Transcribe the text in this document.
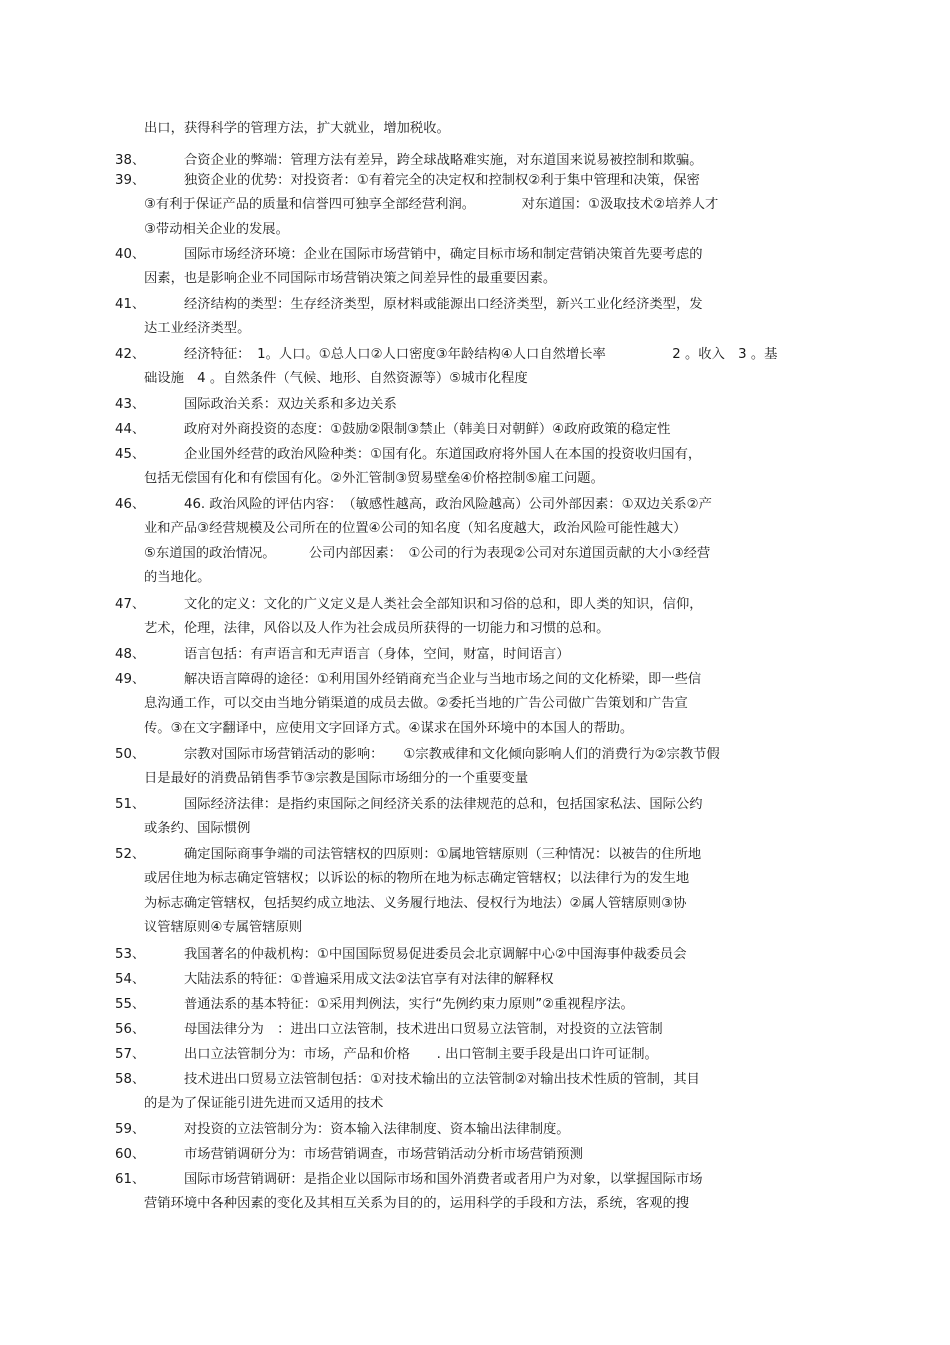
出口，获得科学的管理方法，扩大就业，增加税收。
38、	合资企业的弊端：管理方法有差异，跨全球战略难实施，对东道国来说易被控制和欺骗。
39、	独资企业的优势：对投资者：①有着完全的决定权和控制权②利于集中管理和决策，保密
③有利于保证产品的质量和信誉四可独享全部经营利润。　　　　对东道国：①汲取技术②培养人才
③带动相关企业的发展。
40、	国际市场经济环境：企业在国际市场营销中，确定目标市场和制定营销决策首先要考虑的
因素，也是影响企业不同国际市场营销决策之间差异性的最重要因素。
41、	经济结构的类型：生存经济类型，原材料或能源出口经济类型，新兴工业化经济类型，发
达工业经济类型。
42、	经济特征：　1。人口。①总人口②人口密度③年龄结构④人口自然增长率　　　　　2 。收入　3 。基
础设施　4 。自然条件（气候、地形、自然资源等）⑤城市化程度
43、	国际政治关系：双边关系和多边关系
44、	政府对外商投资的态度：①鼓励②限制③禁止（韩美日对朝鲜）④政府政策的稳定性
45、	企业国外经营的政治风险种类：①国有化。东道国政府将外国人在本国的投资收归国有，
包括无偿国有化和有偿国有化。②外汇管制③贸易壁垒④价格控制⑤雇工问题。
46、	46. 政治风险的评估内容：　（敏感性越高，政治风险越高）公司外部因素：①双边关系②产
业和产品③经营规模及公司所在的位置④公司的知名度（知名度越大，政治风险可能性越大）
⑤东道国的政治情况。　　　公司内部因素：　①公司的行为表现②公司对东道国贡献的大小③经营
的当地化。
47、	文化的定义：文化的广义定义是人类社会全部知识和习俗的总和，即人类的知识，信仰，
艺术，伦理，法律，风俗以及人作为社会成员所获得的一切能力和习惯的总和。
48、	语言包括：有声语言和无声语言（身体，空间，财富，时间语言）
49、	解决语言障碍的途径：①利用国外经销商充当企业与当地市场之间的文化桥梁，即一些信
息沟通工作，可以交由当地分销渠道的成员去做。②委托当地的广告公司做广告策划和广告宣
传。③在文字翻译中，应使用文字回译方式。④谋求在国外环境中的本国人的帮助。
50、	宗教对国际市场营销活动的影响：　　①宗教戒律和文化倾向影响人们的消费行为②宗教节假
日是最好的消费品销售季节③宗教是国际市场细分的一个重要变量
51、	国际经济法律：是指约束国际之间经济关系的法律规范的总和，包括国家私法、国际公约
或条约、国际惯例
52、	确定国际商事争端的司法管辖权的四原则：①属地管辖原则（三种情况：以被告的住所地
或居住地为标志确定管辖权；以诉讼的标的物所在地为标志确定管辖权；以法律行为的发生地
为标志确定管辖权，包括契约成立地法、义务履行地法、侵权行为地法）②属人管辖原则③协
议管辖原则④专属管辖原则
53、	我国著名的仲裁机构：①中国国际贸易促进委员会北京调解中心②中国海事仲裁委员会
54、	大陆法系的特征：①普遍采用成文法②法官享有对法律的解释权
55、	普通法系的基本特征：①采用判例法，实行“先例约束力原则”②重视程序法。
56、	母国法律分为　：进出口立法管制，技术进出口贸易立法管制，对投资的立法管制
57、	出口立法管制分为：市场，产品和价格　　. 出口管制主要手段是出口许可证制。
58、	技术进出口贸易立法管制包括：①对技术输出的立法管制②对输出技术性质的管制，其目
的是为了保证能引进先进而又适用的技术
59、	对投资的立法管制分为：资本输入法律制度、资本输出法律制度。
60、	市场营销调研分为：市场营销调查，市场营销活动分析市场营销预测
61、	国际市场营销调研：是指企业以国际市场和国外消费者或者用户为对象，以掌握国际市场
营销环境中各种因素的变化及其相互关系为目的的，运用科学的手段和方法，系统，客观的搜
